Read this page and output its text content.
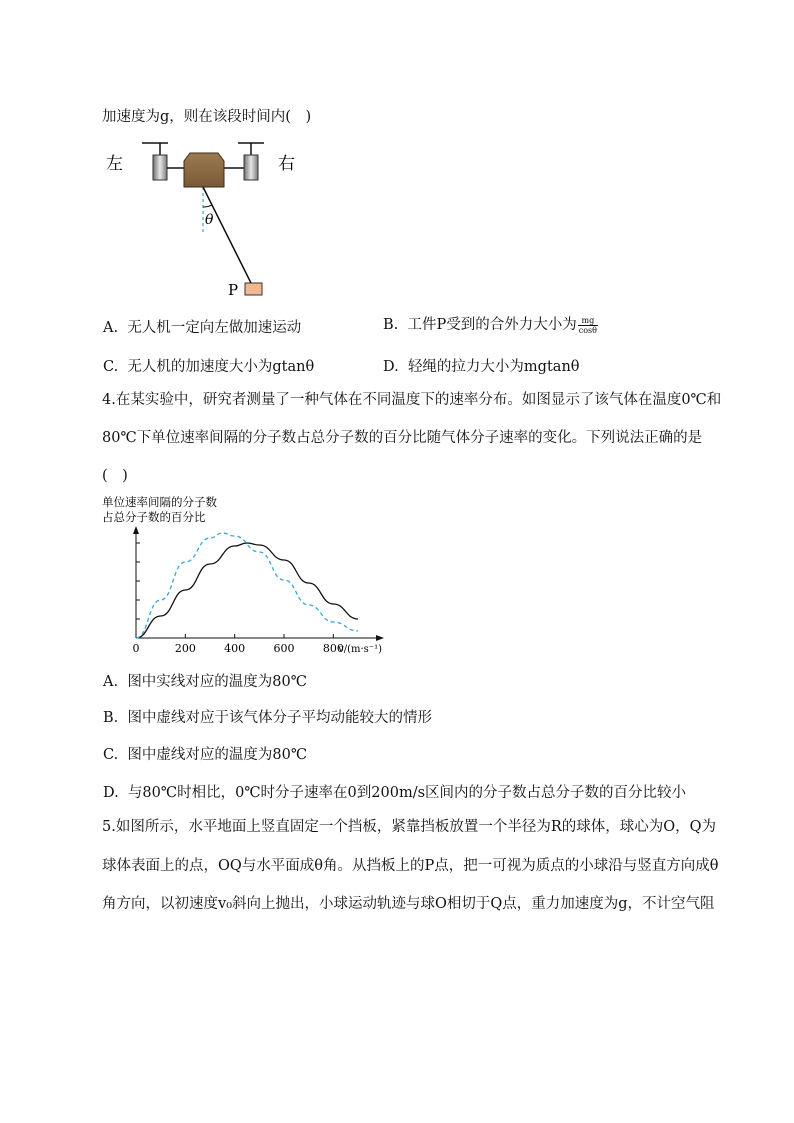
加速度为g，则在该段时间内(　)
左	右
θ
P
A. 无人机一定向左做加速运动	B. 工件P受到的合外力大小为 $\frac{mg}{\cos\theta}$
C. 无人机的加速度大小为gtanθ	D. 轻绳的拉力大小为mgtanθ
4.在某实验中，研究者测量了一种气体在不同温度下的速率分布。如图显示了该气体在温度0℃和
80℃下单位速率间隔的分子数占总分子数的百分比随气体分子速率的变化。下列说法正确的是
(　)
单位速率间隔的分子数
占总分子数的百分比
0	200	400	600	800
v/(m·s⁻¹)
A. 图中实线对应的温度为80℃
B. 图中虚线对应于该气体分子平均动能较大的情形
C. 图中虚线对应的温度为80℃
D. 与80℃时相比，0℃时分子速率在0到200m/s区间内的分子数占总分子数的百分比较小
5.如图所示，水平地面上竖直固定一个挡板，紧靠挡板放置一个半径为R的球体，球心为O，Q为
球体表面上的点，OQ与水平面成θ角。从挡板上的P点，把一可视为质点的小球沿与竖直方向成θ
角方向，以初速度v₀斜向上抛出，小球运动轨迹与球O相切于Q点，重力加速度为g，不计空气阻
